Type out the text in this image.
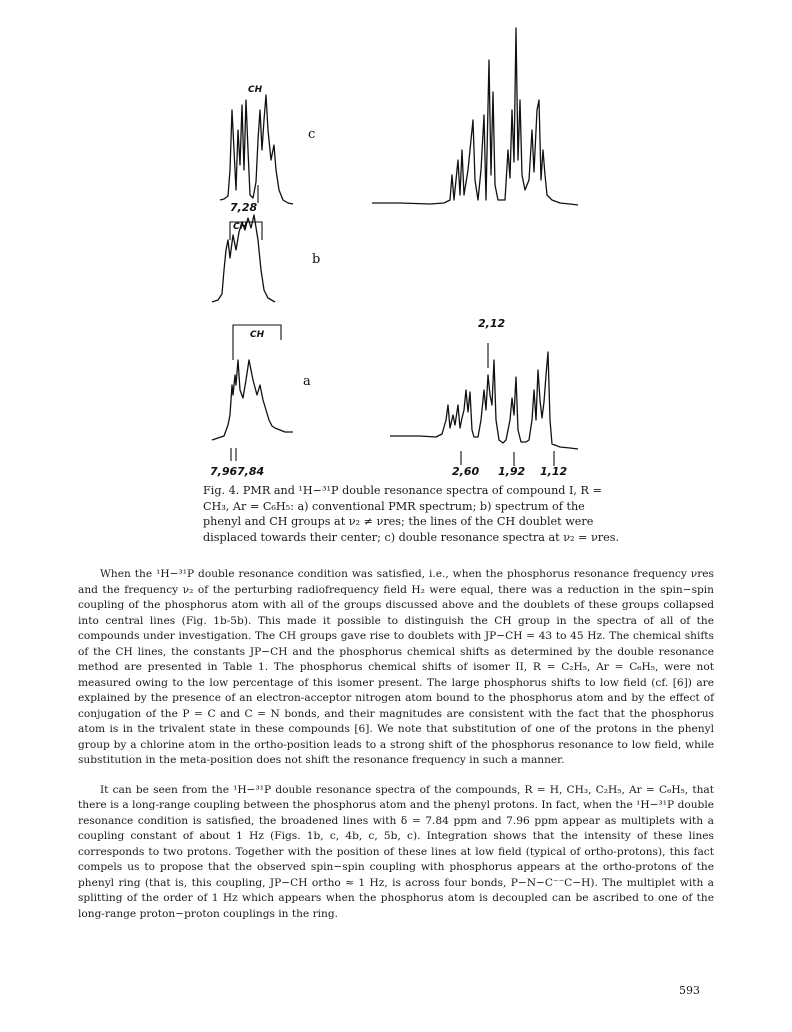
c
b
a
CH
7,28
CH
CH
2,12
7,96 7,84	2,60 1,92 1,12

Fig. 4. PMR and ¹H−³¹P double resonance spectra of compound I, R = CH₃, Ar = C₆H₅: a) conventional PMR spectrum; b) spectrum of the phenyl and CH groups at ν₂ ≠ νres; the lines of the CH doublet were displaced towards their center; c) double resonance spectra at ν₂ = νres.

When the ¹H−³¹P double resonance condition was satisfied, i.e., when the phosphorus resonance frequency νres and the frequency ν₂ of the perturbing radiofrequency field H₂ were equal, there was a reduction in the spin−spin coupling of the phosphorus atom with all of the groups discussed above and the doublets of these groups collapsed into central lines (Fig. 1b-5b). This made it possible to distinguish the CH group in the spectra of all of the compounds under investigation. The CH groups gave rise to doublets with JP−CH = 43 to 45 Hz. The chemical shifts of the CH lines, the constants JP−CH and the phosphorus chemical shifts as determined by the double resonance method are presented in Table 1. The phosphorus chemical shifts of isomer II, R = C₂H₅, Ar = C₆H₅, were not measured owing to the low percentage of this isomer present. The large phosphorus shifts to low field (cf. [6]) are explained by the presence of an electron-acceptor nitrogen atom bound to the phosphorus atom and by the effect of conjugation of the P = C and C = N bonds, and their magnitudes are consistent with the fact that the phosphorus atom is in the trivalent state in these compounds [6]. We note that substitution of one of the protons in the phenyl group by a chlorine atom in the ortho-position leads to a strong shift of the phosphorus resonance to low field, while substitution in the meta-position does not shift the resonance frequency in such a manner.

It can be seen from the ¹H−³¹P double resonance spectra of the compounds, R = H, CH₃, C₂H₅, Ar = C₆H₅, that there is a long-range coupling between the phosphorus atom and the phenyl protons. In fact, when the ¹H−³¹P double resonance condition is satisfied, the broadened lines with δ = 7.84 ppm and 7.96 ppm appear as multiplets with a coupling constant of about 1 Hz (Figs. 1b, c, 4b, c, 5b, c). Integration shows that the intensity of these lines corresponds to two protons. Together with the position of these lines at low field (typical of ortho-protons), this fact compels us to propose that the observed spin−spin coupling with phosphorus appears at the ortho-protons of the phenyl ring (that is, this coupling, JP−CH ortho ≈ 1 Hz, is across four bonds, P−N−C⁻⁻C−H). The multiplet with a splitting of the order of 1 Hz which appears when the phosphorus atom is decoupled can be ascribed to one of the long-range proton−proton couplings in the ring.

593
